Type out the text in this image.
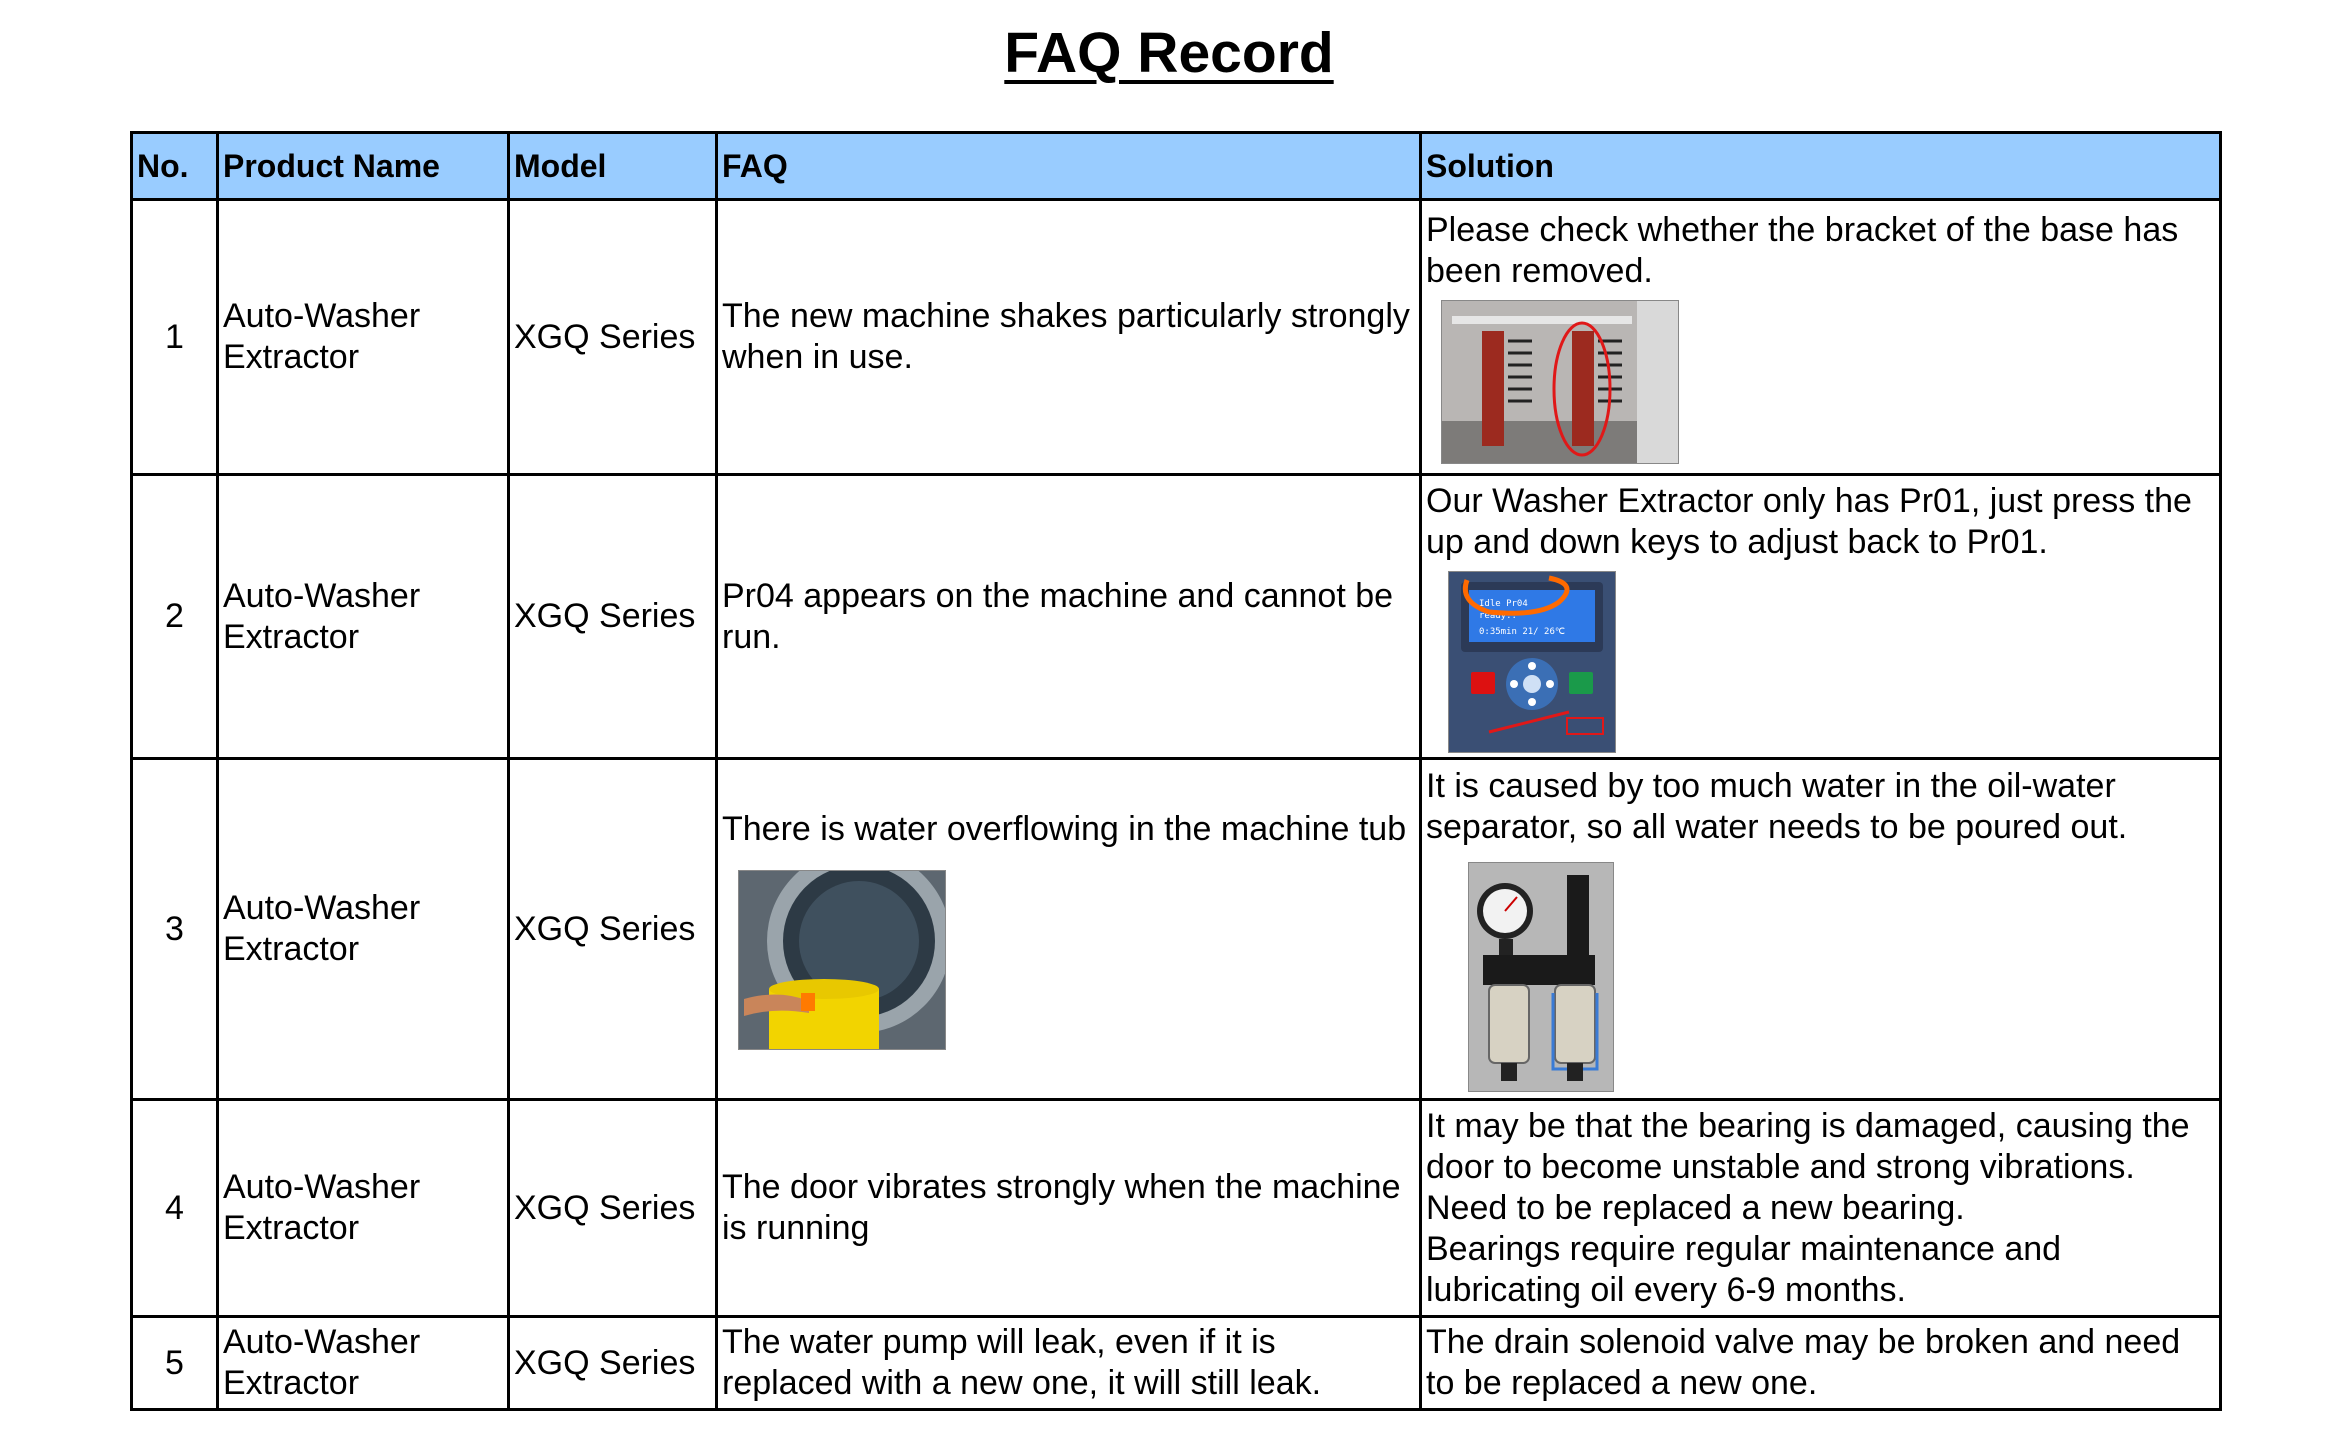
FAQ Record
No.	Product Name	Model	FAQ	Solution
1	Auto-Washer Extractor	XGQ Series	The new machine shakes particularly strongly when in use.	Please check whether the bracket of the base has been removed.

2	Auto-Washer Extractor	XGQ Series	Pr04 appears on the machine and cannot be run.	Our Washer Extractor only has Pr01, just press the up and down keys to adjust back to Pr01.
Idle Pr04
ready..
0:35min 21/ 26℃

3	Auto-Washer Extractor	XGQ Series	There is water overflowing in the machine tub	It is caused by too much water in the oil-water separator, so all water needs to be poured out.

4	Auto-Washer Extractor	XGQ Series	The door vibrates strongly when the machine is running	It may be that the bearing is damaged, causing the door to become unstable and strong vibrations.
Need to be replaced a new bearing.
Bearings require regular maintenance and lubricating oil every 6-9 months.

5	Auto-Washer Extractor	XGQ Series	The water pump will leak, even if it is replaced with a new one, it will still leak.	The drain solenoid valve may be broken and need to be replaced a new one.
